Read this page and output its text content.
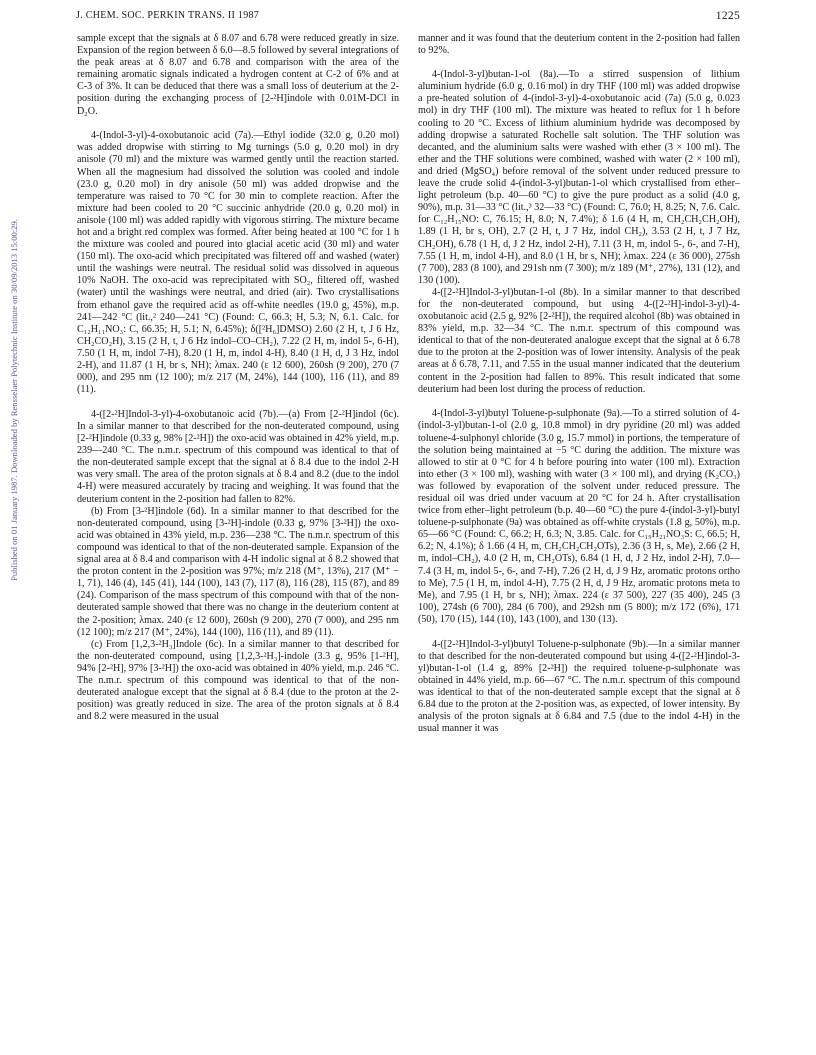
J. CHEM. SOC. PERKIN TRANS. II 1987	1225
Published on 01 January 1987. Downloaded by Rensselaer Polytechnic Institute on 30/09/2013 15:00:29.

sample except that the signals at δ 8.07 and 6.78 were reduced greatly in size. Expansion of the region between δ 6.0—8.5 followed by several integrations of the peak areas at δ 8.07 and 6.78 and comparison with the area of the remaining aromatic signals indicated a hydrogen content at C-2 of 6% and at C-3 of 3%. It can be deduced that there was a small loss of deuterium at the 2-position during the exchanging process of [2-²H]indole with 0.01M-DCl in D₂O.

4-(Indol-3-yl)-4-oxobutanoic acid (7a).—Ethyl iodide (32.0 g, 0.20 mol) was added dropwise with stirring to Mg turnings (5.0 g, 0.20 mol) in dry anisole (70 ml) and the mixture was warmed gently until the reaction started. When all the magnesium had dissolved the solution was cooled and indole (23.0 g, 0.20 mol) in dry anisole (50 ml) was added dropwise and the temperature was raised to 70 °C for 30 min to complete reaction. After the mixture had been cooled to 20 °C succinic anhydride (20.0 g, 0.20 mol) in anisole (100 ml) was added rapidly with vigorous stirring. The mixture became hot and a bright red complex was formed. After being heated at 100 °C for 1 h the mixture was cooled and poured into glacial acetic acid (30 ml) and water (150 ml). The oxo-acid which precipitated was filtered off and washed (water) until the washings were neutral. The residual solid was dissolved in aqueous 10% NaOH. The oxo-acid was reprecipitated with SO₂, filtered off, washed (water) until the washings were neutral, and dried (air). Two crystallisations from ethanol gave the required acid as off-white needles (19.0 g, 45%), m.p. 241—242 °C (lit.,² 240—241 °C) (Found: C, 66.3; H, 5.3; N, 6.1. Calc. for C₁₂H₁₁NO₃: C, 66.35; H, 5.1; N, 6.45%); δ([²H₆]DMSO) 2.60 (2 H, t, J 6 Hz, CH₂CO₂H), 3.15 (2 H, t, J 6 Hz indol–CO–CH₂), 7.22 (2 H, m, indol 5-, 6-H), 7.50 (1 H, m, indol 7-H), 8.20 (1 H, m, indol 4-H), 8.40 (1 H, d, J 3 Hz, indol 2-H), and 11.87 (1 H, br s, NH); λmax. 240 (ε 12 600), 260sh (9 200), 270 (7 000), and 295 nm (12 100); m/z 217 (M, 24%), 144 (100), 116 (11), and 89 (11).

4-([2-²H]Indol-3-yl)-4-oxobutanoic acid (7b).—(a) From [2-²H]indol (6c). In a similar manner to that described for the non-deuterated compound, using [2-²H]indole (0.33 g, 98% [2-²H]) the oxo-acid was obtained in 42% yield, m.p. 239—240 °C. The n.m.r. spectrum of this compound was identical to that of the non-deuterated sample except that the signal at δ 8.4 due to the indol 2-H was very small. The area of the proton signals at δ 8.4 and 8.2 (due to the indol 4-H) were measured accurately by tracing and weighing. It was found that the deuterium content in the 2-position had fallen to 82%.

(b) From [3-²H]indole (6d). In a similar manner to that described for the non-deuterated compound, using [3-²H]-indole (0.33 g, 97% [3-²H]) the oxo-acid was obtained in 43% yield, m.p. 236—238 °C. The n.m.r. spectrum of this compound was identical to that of the non-deuterated sample. Expansion of the signal area at δ 8.4 and comparison with 4-H indolic signal at δ 8.2 showed that the proton content in the 2-position was 97%; m/z 218 (M⁺, 13%), 217 (M⁺ − 1, 71), 146 (4), 145 (41), 144 (100), 143 (7), 117 (8), 116 (28), 115 (87), and 89 (24). Comparison of the mass spectrum of this compound with that of the non-deuterated sample showed that there was no change in the deuterium content at the 2-position; λmax. 240 (ε 12 600), 260sh (9 200), 270 (7 000), and 295 nm (12 100); m/z 217 (M⁺, 24%), 144 (100), 116 (11), and 89 (11).

(c) From [1,2,3-²H₃]Indole (6c). In a similar manner to that described for the non-deuterated compound, using [1,2,3-²H₃]-indole (3.3 g, 95% [1-²H], 94% [2-²H], 97% [3-²H]) the oxo-acid was obtained in 40% yield, m.p. 246 °C. The n.m.r. spectrum of this compound was identical to that of the non-deuterated analogue except that the signal at δ 8.4 (due to the proton at the 2-position) was greatly reduced in size. The area of the proton signals at δ 8.4 and 8.2 were measured in the usual

manner and it was found that the deuterium content in the 2-position had fallen to 92%.

4-(Indol-3-yl)butan-1-ol (8a).—To a stirred suspension of lithium aluminium hydride (6.0 g, 0.16 mol) in dry THF (100 ml) was added dropwise a pre-heated solution of 4-(indol-3-yl)-4-oxobutanoic acid (7a) (5.0 g, 0.023 mol) in dry THF (100 ml). The mixture was heated to reflux for 1 h before cooling to 20 °C. Excess of lithium aluminium hydride was decomposed by adding dropwise a saturated Rochelle salt solution. The THF solution was decanted, and the aluminium salts were washed with ether (3 × 100 ml). The ether and the THF solutions were combined, washed with water (2 × 100 ml), and dried (MgSO₄) before removal of the solvent under reduced pressure to leave the crude solid 4-(indol-3-yl)butan-1-ol which crystallised from ether–light petroleum (b.p. 40—60 °C) to give the pure product as a solid (4.0 g, 90%), m.p. 31—33 °C (lit.,³ 32—33 °C) (Found: C, 76.0; H, 8.25; N, 7.6. Calc. for C₁₂H₁₅NO: C, 76.15; H, 8.0; N, 7.4%); δ 1.6 (4 H, m, CH₂CH₂CH₂OH), 1.89 (1 H, br s, OH), 2.7 (2 H, t, J 7 Hz, indol CH₂), 3.53 (2 H, t, J 7 Hz, CH₂OH), 6.78 (1 H, d, J 2 Hz, indol 2-H), 7.11 (3 H, m, indol 5-, 6-, and 7-H), 7.55 (1 H, m, indol 4-H), and 8.0 (1 H, br s, NH); λmax. 224 (ε 36 000), 275sh (7 700), 283 (8 100), and 291sh nm (7 300); m/z 189 (M⁺, 27%), 131 (12), and 130 (100).

4-([2-²H]Indol-3-yl)butan-1-ol (8b). In a similar manner to that described for the non-deuterated compound, but using 4-([2-²H]-indol-3-yl)-4-oxobutanoic acid (2.5 g, 92% [2-²H]), the required alcohol (8b) was obtained in 83% yield, m.p. 32—34 °C. The n.m.r. spectrum of this compound was identical to that of the non-deuterated analogue except that the signal at δ 6.78 due to the proton at the 2-position was of lower intensity. Analysis of the peak areas at δ 6.78, 7.11, and 7.55 in the usual manner indicated that the deuterium content in the 2-position had fallen to 89%. This result indicated that some deuterium had been lost during the process of reduction.

4-(Indol-3-yl)butyl Toluene-p-sulphonate (9a).—To a stirred solution of 4-(indol-3-yl)butan-1-ol (2.0 g, 10.8 mmol) in dry pyridine (20 ml) was added toluene-4-sulphonyl chloride (3.0 g, 15.7 mmol) in portions, the temperature of the solution being maintained at −5 °C during the addition. The mixture was allowed to stir at 0 °C for 4 h before pouring into water (100 ml). Extraction into ether (3 × 100 ml), washing with water (3 × 100 ml), and drying (K₂CO₃) was followed by evaporation of the solvent under reduced pressure. The residual oil was dried under vacuum at 20 °C for 24 h. After crystallisation twice from ether–light petroleum (b.p. 40—60 °C) the pure 4-(indol-3-yl)-butyl toluene-p-sulphonate (9a) was obtained as off-white crystals (1.8 g, 50%), m.p. 65—66 °C (Found: C, 66.2; H, 6.3; N, 3.85. Calc. for C₁₉H₂₁NO₃S: C, 66.5; H, 6.2; N, 4.1%); δ 1.66 (4 H, m, CH₂CH₂CH₂OTs), 2.36 (3 H, s, Me), 2.66 (2 H, m, indol–CH₂), 4.0 (2 H, m, CH₂OTs), 6.84 (1 H, d, J 2 Hz, indol 2-H), 7.0—7.4 (3 H, m, indol 5-, 6-, and 7-H), 7.26 (2 H, d, J 9 Hz, aromatic protons ortho to Me), 7.5 (1 H, m, indol 4-H), 7.75 (2 H, d, J 9 Hz, aromatic protons meta to Me), and 7.95 (1 H, br s, NH); λmax. 224 (ε 37 500), 227 (35 400), 245 (3 100), 274sh (6 700), 284 (6 700), and 292sh nm (5 800); m/z 172 (6%), 171 (50), 170 (15), 144 (10), 143 (100), and 130 (13).

4-([2-²H]Indol-3-yl)butyl Toluene-p-sulphonate (9b).—In a similar manner to that described for the non-deuterated compound but using 4-([2-²H]indol-3-yl)butan-1-ol (1.4 g, 89% [2-²H]) the required toluene-p-sulphonate was obtained in 44% yield, m.p. 66—67 °C. The n.m.r. spectrum of this compound was identical to that of the non-deuterated sample except that the signal at δ 6.84 due to the proton at the 2-position was, as expected, of lower intensity. By analysis of the proton signals at δ 6.84 and 7.5 (due to the indol 4-H) in the usual manner it was
